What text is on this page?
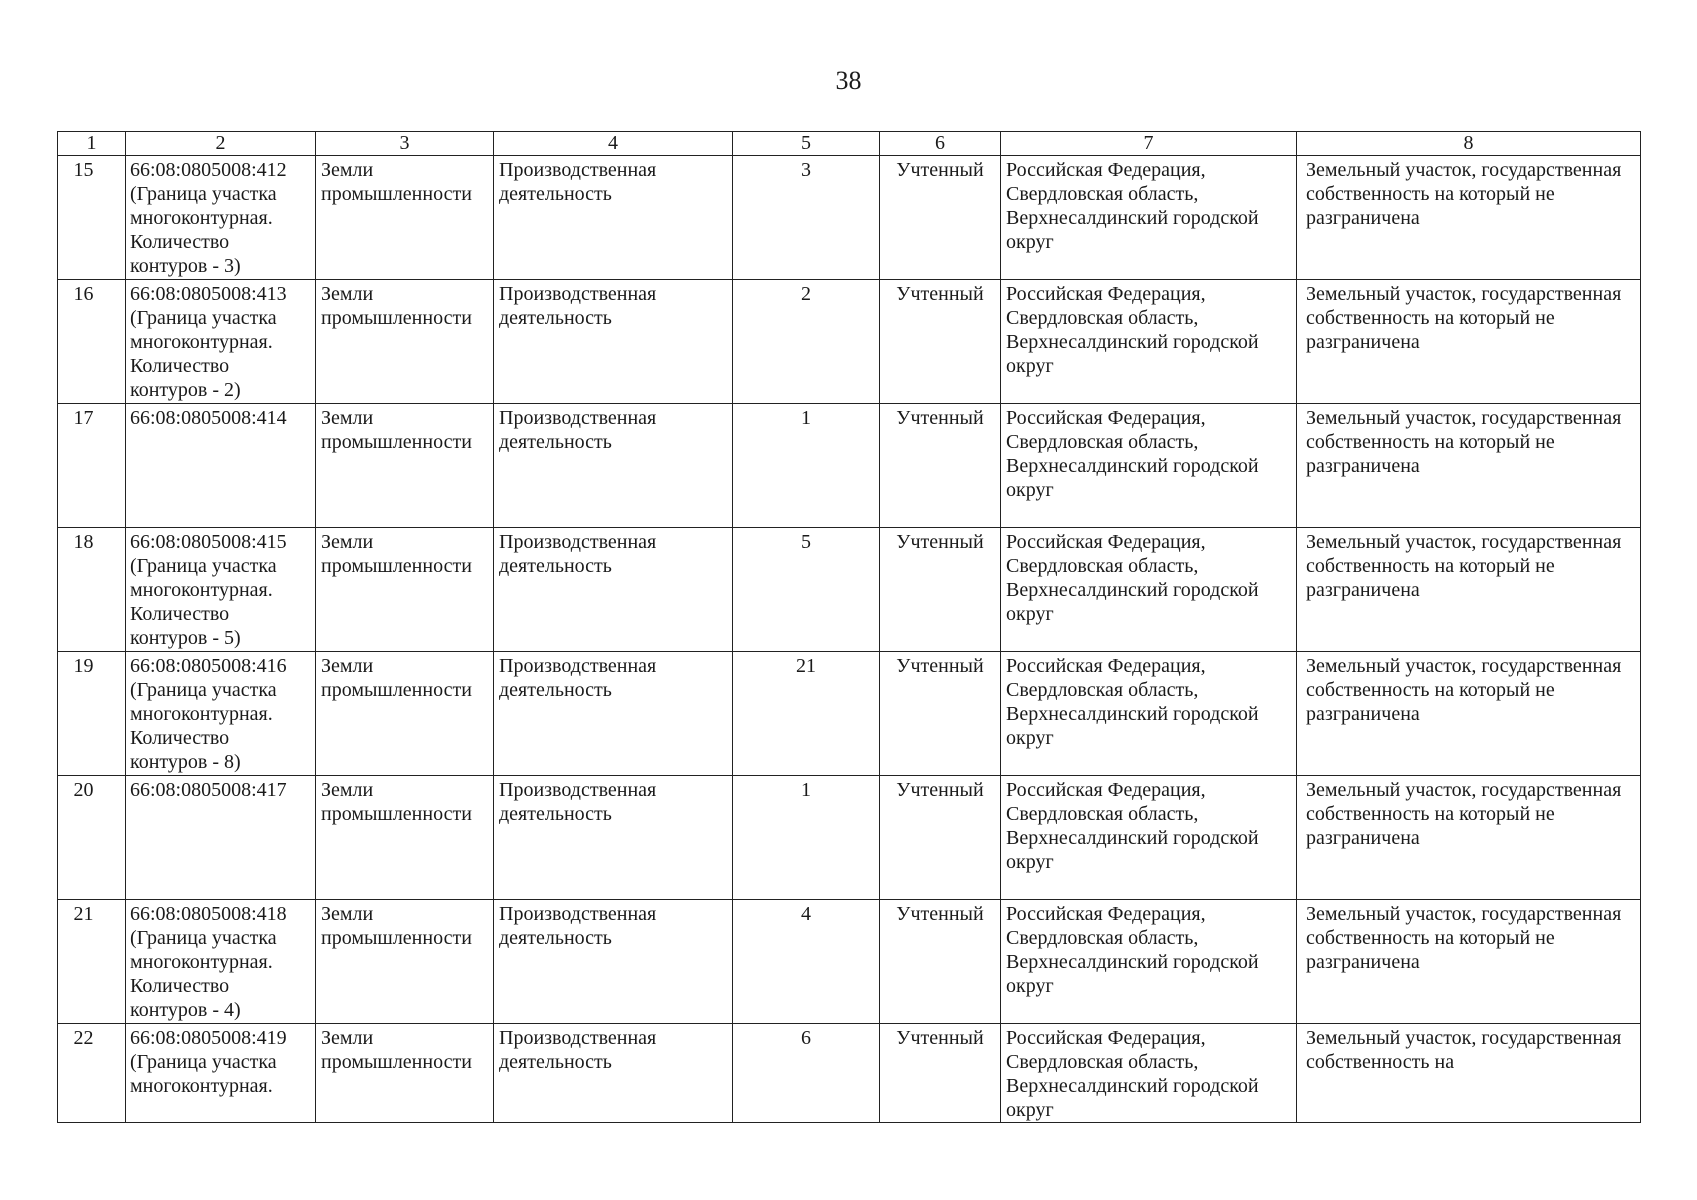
38
1	2	3	4	5	6	7	8
15	66:08:0805008:412 (Граница участка многоконтурная. Количество контуров - 3)	Земли промышленности	Производственная деятельность	3	Учтенный	Российская Федерация, Свердловская область, Верхнесалдинский городской округ	Земельный участок, государственная собственность на который не разграничена
16	66:08:0805008:413 (Граница участка многоконтурная. Количество контуров - 2)	Земли промышленности	Производственная деятельность	2	Учтенный	Российская Федерация, Свердловская область, Верхнесалдинский городской округ	Земельный участок, государственная собственность на который не разграничена
17	66:08:0805008:414	Земли промышленности	Производственная деятельность	1	Учтенный	Российская Федерация, Свердловская область, Верхнесалдинский городской округ	Земельный участок, государственная собственность на который не разграничена
18	66:08:0805008:415 (Граница участка многоконтурная. Количество контуров - 5)	Земли промышленности	Производственная деятельность	5	Учтенный	Российская Федерация, Свердловская область, Верхнесалдинский городской округ	Земельный участок, государственная собственность на который не разграничена
19	66:08:0805008:416 (Граница участка многоконтурная. Количество контуров - 8)	Земли промышленности	Производственная деятельность	21	Учтенный	Российская Федерация, Свердловская область, Верхнесалдинский городской округ	Земельный участок, государственная собственность на который не разграничена
20	66:08:0805008:417	Земли промышленности	Производственная деятельность	1	Учтенный	Российская Федерация, Свердловская область, Верхнесалдинский городской округ	Земельный участок, государственная собственность на который не разграничена
21	66:08:0805008:418 (Граница участка многоконтурная. Количество контуров - 4)	Земли промышленности	Производственная деятельность	4	Учтенный	Российская Федерация, Свердловская область, Верхнесалдинский городской округ	Земельный участок, государственная собственность на который не разграничена
22	66:08:0805008:419 (Граница участка многоконтурная.	Земли промышленности	Производственная деятельность	6	Учтенный	Российская Федерация, Свердловская область, Верхнесалдинский городской округ	Земельный участок, государственная собственность на
